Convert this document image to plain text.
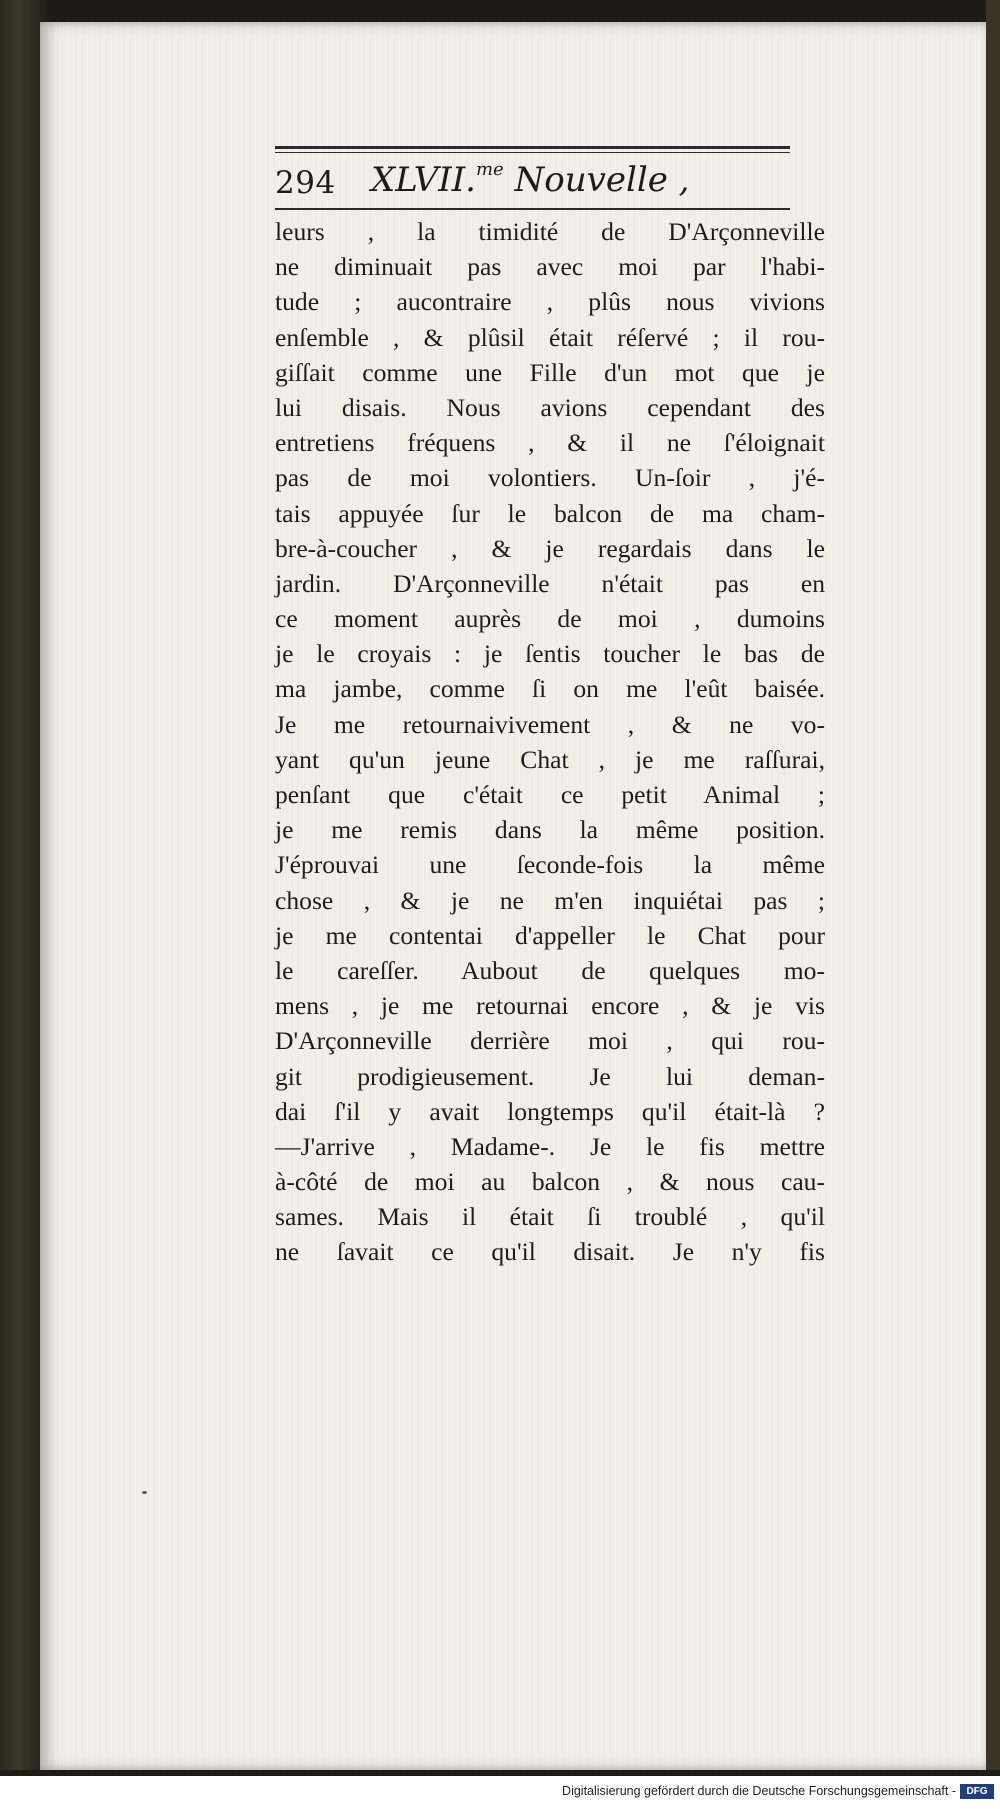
294 XLVII.$^{me}$ Nouvelle ,
leurs , la timidité de D'Arçonneville
ne diminuait pas avec moi par l'habi-
tude ; aucontraire , plûs nous vivions
enſemble , & plûsil était réſervé ; il rou-
giſſait comme une Fille d'un mot que je
lui disais. Nous avions cependant des
entretiens fréquens , & il ne ſ'éloignait
pas de moi volontiers. Un-ſoir , j'é-
tais appuyée ſur le balcon de ma cham-
bre-à-coucher , & je regardais dans le
jardin. D'Arçonneville n'était pas en
ce moment auprès de moi , dumoins
je le croyais : je ſentis toucher le bas de
ma jambe, comme ſi on me l'eût baisée.
Je me retournaivivement , & ne vo-
yant qu'un jeune Chat , je me raſſurai,
penſant que c'était ce petit Animal ;
je me remis dans la même position.
J'éprouvai une ſeconde-fois la même
chose , & je ne m'en inquiétai pas ;
je me contentai d'appeller le Chat pour
le careſſer. Aubout de quelques mo-
mens , je me retournai encore , & je vis
D'Arçonneville derrière moi , qui rou-
git prodigieusement. Je lui deman-
dai ſ'il y avait longtemps qu'il était-là ?
—J'arrive , Madame-. Je le fis mettre
à-côté de moi au balcon , & nous cau-
sames. Mais il était ſi troublé , qu'il
ne ſavait ce qu'il disait. Je n'y fis
Digitalisierung gefördert durch die Deutsche Forschungsgemeinschaft -	DFG
